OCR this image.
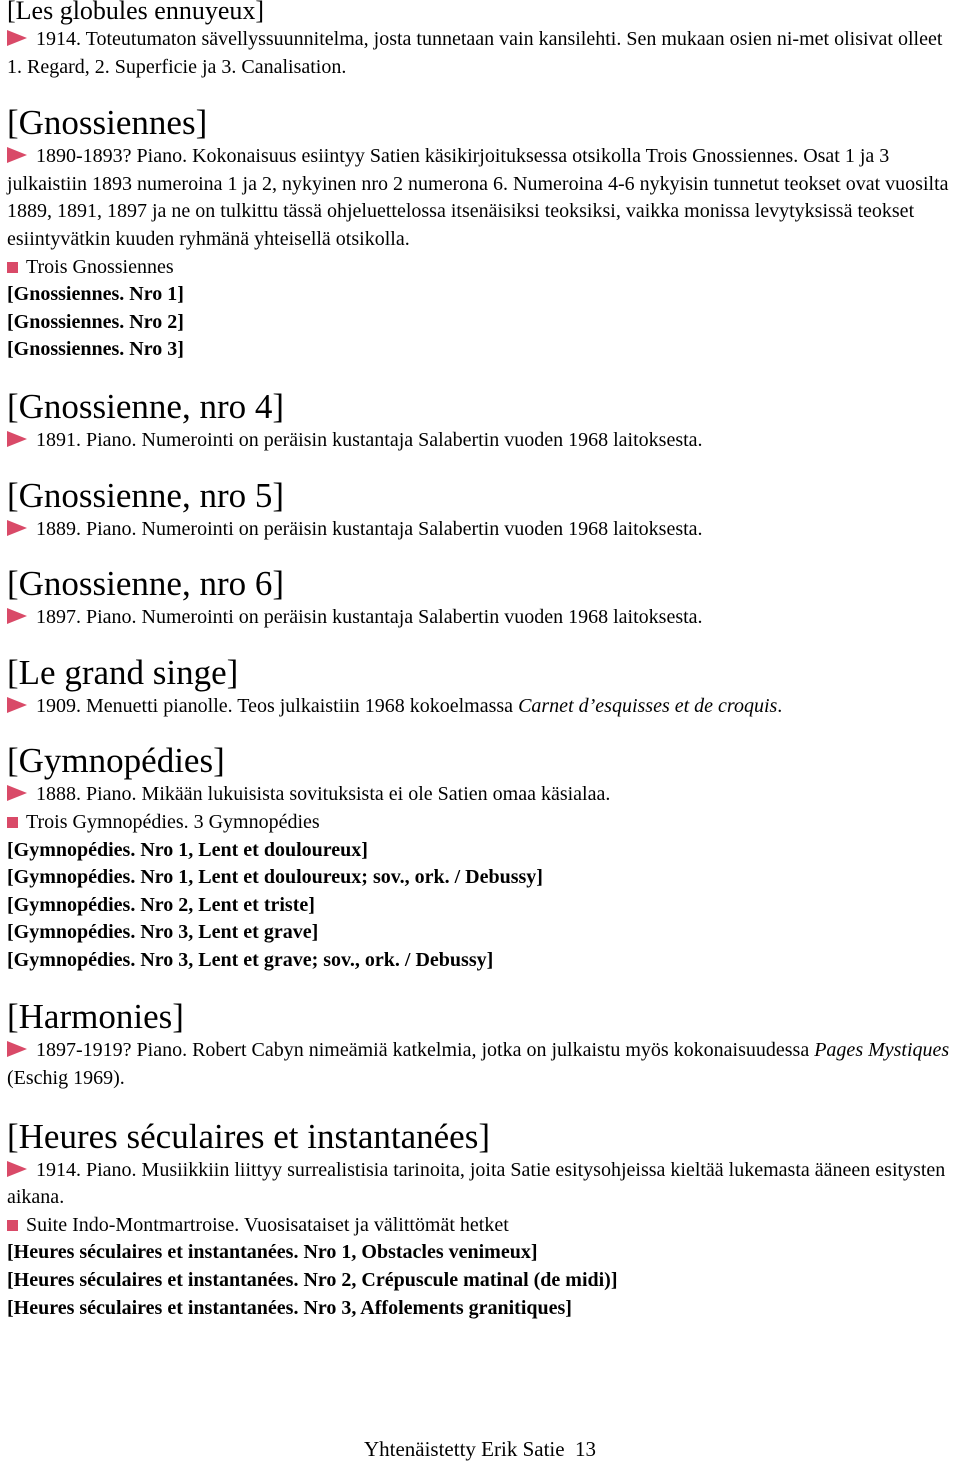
[Les globules ennuyeux]

1914. Toteutumaton sävellyssuunnitelma, josta tunnetaan vain kansilehti. Sen mukaan osien ni-met olisivat olleet 1. Regard, 2. Superficie ja 3. Canalisation.

[Gnossiennes]

1890-1893? Piano. Kokonaisuus esiintyy Satien käsikirjoituksessa otsikolla Trois Gnossiennes. Osat 1 ja 3 julkaistiin 1893 numeroina 1 ja 2, nykyinen nro 2 numerona 6. Numeroina 4-6 nykyisin tunnetut teokset ovat vuosilta 1889, 1891, 1897 ja ne on tulkittu tässä ohjeluettelossa itsenäisiksi teoksiksi, vaikka monissa levytyksissä teokset esiintyvätkin kuuden ryhmänä yhteisellä otsikolla.

Trois Gnossiennes

[Gnossiennes. Nro 1]

[Gnossiennes. Nro 2]

[Gnossiennes. Nro 3]

[Gnossienne, nro 4]

1891. Piano. Numerointi on peräisin kustantaja Salabertin vuoden 1968 laitoksesta.

[Gnossienne, nro 5]

1889. Piano. Numerointi on peräisin kustantaja Salabertin vuoden 1968 laitoksesta.

[Gnossienne, nro 6]

1897. Piano. Numerointi on peräisin kustantaja Salabertin vuoden 1968 laitoksesta.

[Le grand singe]

1909. Menuetti pianolle. Teos julkaistiin 1968 kokoelmassa Carnet d’esquisses et de croquis.

[Gymnopédies]

1888. Piano. Mikään lukuisista sovituksista ei ole Satien omaa käsialaa.

Trois Gymnopédies. 3 Gymnopédies

[Gymnopédies. Nro 1, Lent et douloureux]

[Gymnopédies. Nro 1, Lent et douloureux; sov., ork. / Debussy]

[Gymnopédies. Nro 2, Lent et triste]

[Gymnopédies. Nro 3, Lent et grave]

[Gymnopédies. Nro 3, Lent et grave; sov., ork. / Debussy]

[Harmonies]

1897-1919? Piano. Robert Cabyn nimeämiä katkelmia, jotka on julkaistu myös kokonaisuudessa Pages Mystiques (Eschig 1969).

[Heures séculaires et instantanées]

1914. Piano. Musiikkiin liittyy surrealistisia tarinoita, joita Satie esitysohjeissa kieltää lukemasta ääneen esitysten aikana.

Suite Indo-Montmartroise. Vuosisataiset ja välittömät hetket

[Heures séculaires et instantanées. Nro 1, Obstacles venimeux]

[Heures séculaires et instantanées. Nro 2, Crépuscule matinal (de midi)]

[Heures séculaires et instantanées. Nro 3, Affolements granitiques]

Yhtenäistetty Erik Satie  13
